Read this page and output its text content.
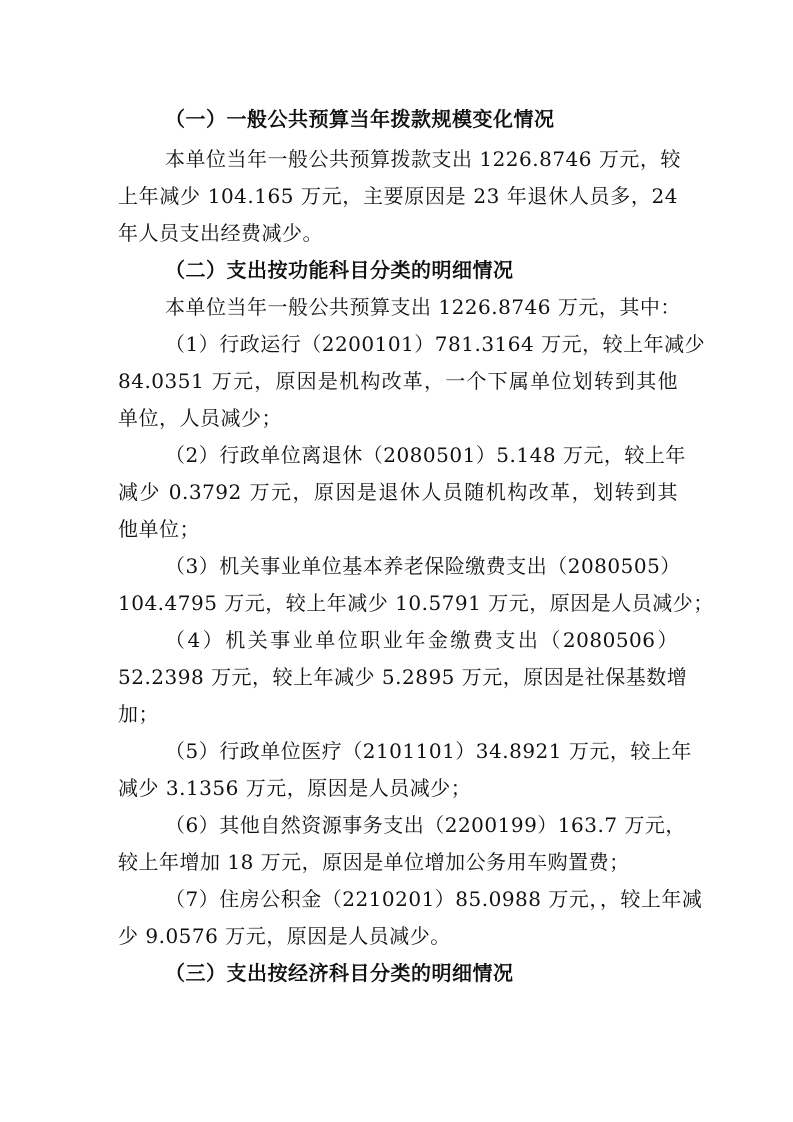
（一）一般公共预算当年拨款规模变化情况
本单位当年一般公共预算拨款支出 1226.8746 万元，较
上年减少 104.165 万元，主要原因是 23 年退休人员多，24
年人员支出经费减少。
（二）支出按功能科目分类的明细情况
本单位当年一般公共预算支出 1226.8746 万元，其中：
（1）行政运行（2200101）781.3164 万元，较上年减少
84.0351 万元，原因是机构改革，一个下属单位划转到其他
单位，人员减少；
（2）行政单位离退休（2080501）5.148 万元，较上年
减少 0.3792 万元，原因是退休人员随机构改革，划转到其
他单位；
（3）机关事业单位基本养老保险缴费支出（2080505）
104.4795 万元，较上年减少 10.5791 万元，原因是人员减少；
（4）机关事业单位职业年金缴费支出（2080506）
52.2398 万元，较上年减少 5.2895 万元，原因是社保基数增
加；
（5）行政单位医疗（2101101）34.8921 万元，较上年
减少 3.1356 万元，原因是人员减少；
（6）其他自然资源事务支出（2200199）163.7 万元，
较上年增加 18 万元，原因是单位增加公务用车购置费；
（7）住房公积金（2210201）85.0988 万元，，较上年减
少 9.0576 万元，原因是人员减少。
（三）支出按经济科目分类的明细情况
